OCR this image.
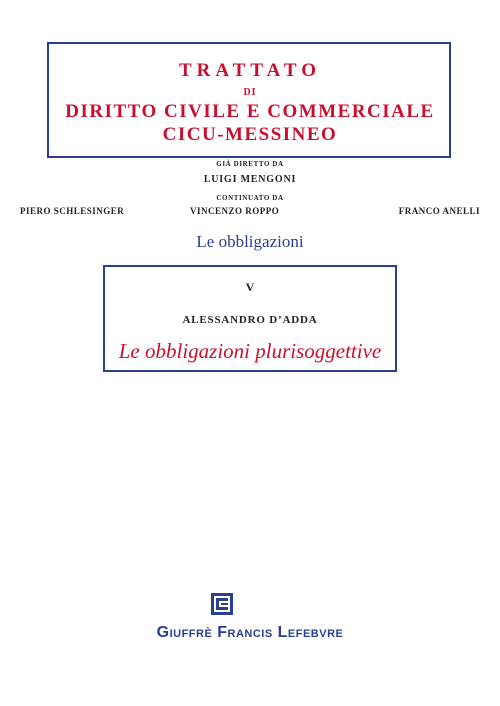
TRATTATO
DI
DIRITTO CIVILE E COMMERCIALE
CICU-MESSINEO
GIÀ DIRETTO DA
LUIGI MENGONI
CONTINUATO DA
PIERO SCHLESINGER	VINCENZO ROPPO	FRANCO ANELLI
Le obbligazioni
V
ALESSANDRO D’ADDA
Le obbligazioni plurisoggettive
Giuffrè Francis Lefebvre
